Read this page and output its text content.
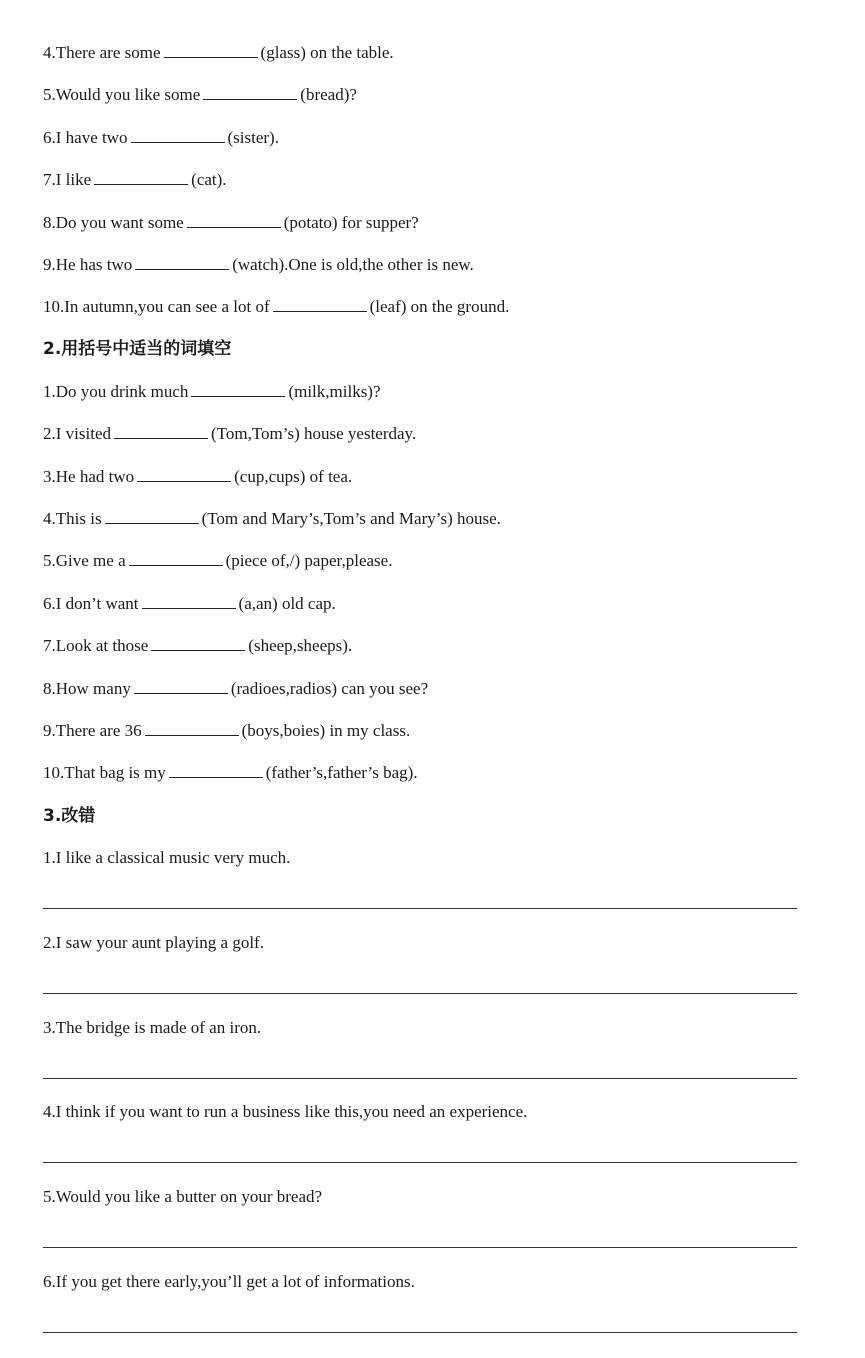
4.There are some	(glass) on the table.
5.Would you like some	(bread)?
6.I have two	(sister).
7.I like	(cat).
8.Do you want some	(potato) for supper?
9.He has two	(watch).One is old,the other is new.
10.In autumn,you can see a lot of	(leaf) on the ground.
2.用括号中适当的词填空
1.Do you drink much	(milk,milks)?
2.I visited	(Tom,Tom’s) house yesterday.
3.He had two	(cup,cups) of tea.
4.This is	(Tom and Mary’s,Tom’s and Mary’s) house.
5.Give me a	(piece of,/) paper,please.
6.I don’t want	(a,an) old cap.
7.Look at those	(sheep,sheeps).
8.How many	(radioes,radios) can you see?
9.There are 36	(boys,boies) in my class.
10.That bag is my	(father’s,father’s bag).
3.改错
1.I like a classical music very much.
2.I saw your aunt playing a golf.
3.The bridge is made of an iron.
4.I think if you want to run a business like this,you need an experience.
5.Would you like a butter on your bread?
6.If you get there early,you’ll get a lot of informations.
